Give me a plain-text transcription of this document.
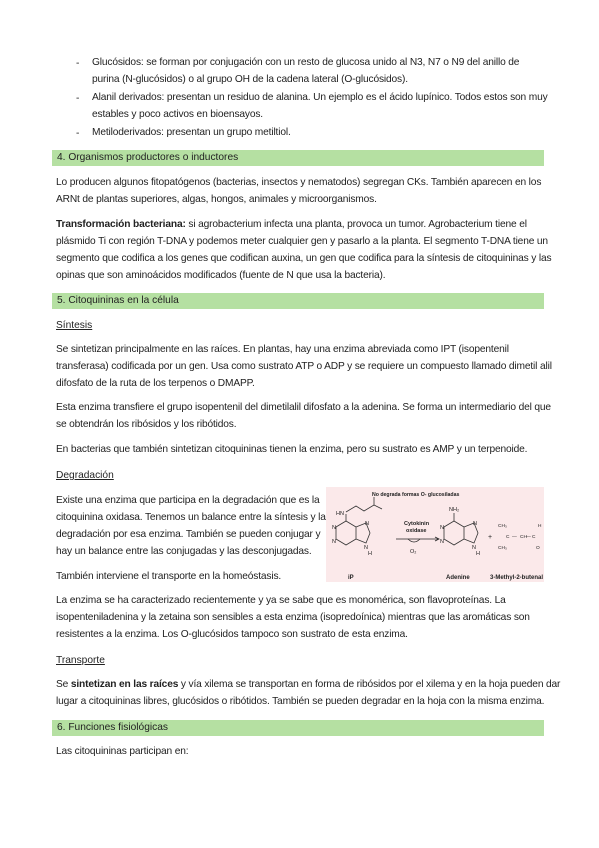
- Glucósidos: se forman por conjugación con un resto de glucosa unido al N3, N7 o N9 del anillo de
purina (N-glucósidos) o al grupo OH de la cadena lateral (O-glucósidos).
- Alanil derivados: presentan un residuo de alanina. Un ejemplo es el ácido lupínico. Todos estos son muy
estables y poco activos en bioensayos.
- Metiloderivados: presentan un grupo metiltiol.
4. Organismos productores o inductores
Lo producen algunos fitopatógenos (bacterias, insectos y nematodos) segregan CKs. También aparecen en los
ARNt de plantas superiores, algas, hongos, animales y microorganismos.
Transformación bacteriana: si agrobacterium infecta una planta, provoca un tumor. Agrobacterium tiene el
plásmido Ti con región T-DNA y podemos meter cualquier gen y pasarlo a la planta. El segmento T-DNA tiene un
segmento que codifica a los genes que codifican auxina, un gen que codifica para la síntesis de citoquininas y las
opinas que son aminoácidos modificados (fuente de N que usa la bacteria).
5. Citoquininas en la célula
Síntesis
Se sintetizan principalmente en las raíces. En plantas, hay una enzima abreviada como IPT (isopentenil
transferasa) codificada por un gen. Usa como sustrato ATP o ADP y se requiere un compuesto llamado dimetil alil
difosfato de la ruta de los terpenos o DMAPP.
Esta enzima transfiere el grupo isopentenil del dimetilalil difosfato a la adenina. Se forma un intermediario del que
se obtendrán los ribósidos y los ribótidos.
En bacterias que también sintetizan citoquininas tienen la enzima, pero su sustrato es AMP y un terpenoide.
Degradación
Existe una enzima que participa en la degradación que es la
citoquinina oxidasa. Tenemos un balance entre la síntesis y la
degradación por esa enzima. También se pueden conjugar y
hay un balance entre las conjugadas y las desconjugadas.
También interviene el transporte en la homeóstasis.
No degrada formas O- glucosiladas
HN
N
N
N
N
H
iP
Cytokinin
oxidase
O₂
NH₂
N
N
N
N
H
Adenine
+
CH₃
CH₃
C — CH — C
H
O
3-Methyl-2-butenal
La enzima se ha caracterizado recientemente y ya se sabe que es monomérica, son flavoproteínas. La
isopenteniladenina y la zetaina son sensibles a esta enzima (isopredoínica) mientras que las aromáticas son
resistentes a la enzima. Los O-glucósidos tampoco son sustrato de esta enzima.
Transporte
Se sintetizan en las raíces y vía xilema se transportan en forma de ribósidos por el xilema y en la hoja pueden dar
lugar a citoquininas libres, glucósidos o ribótidos. También se pueden degradar en la hoja con la misma enzima.
6. Funciones fisiológicas
Las citoquininas participan en:
